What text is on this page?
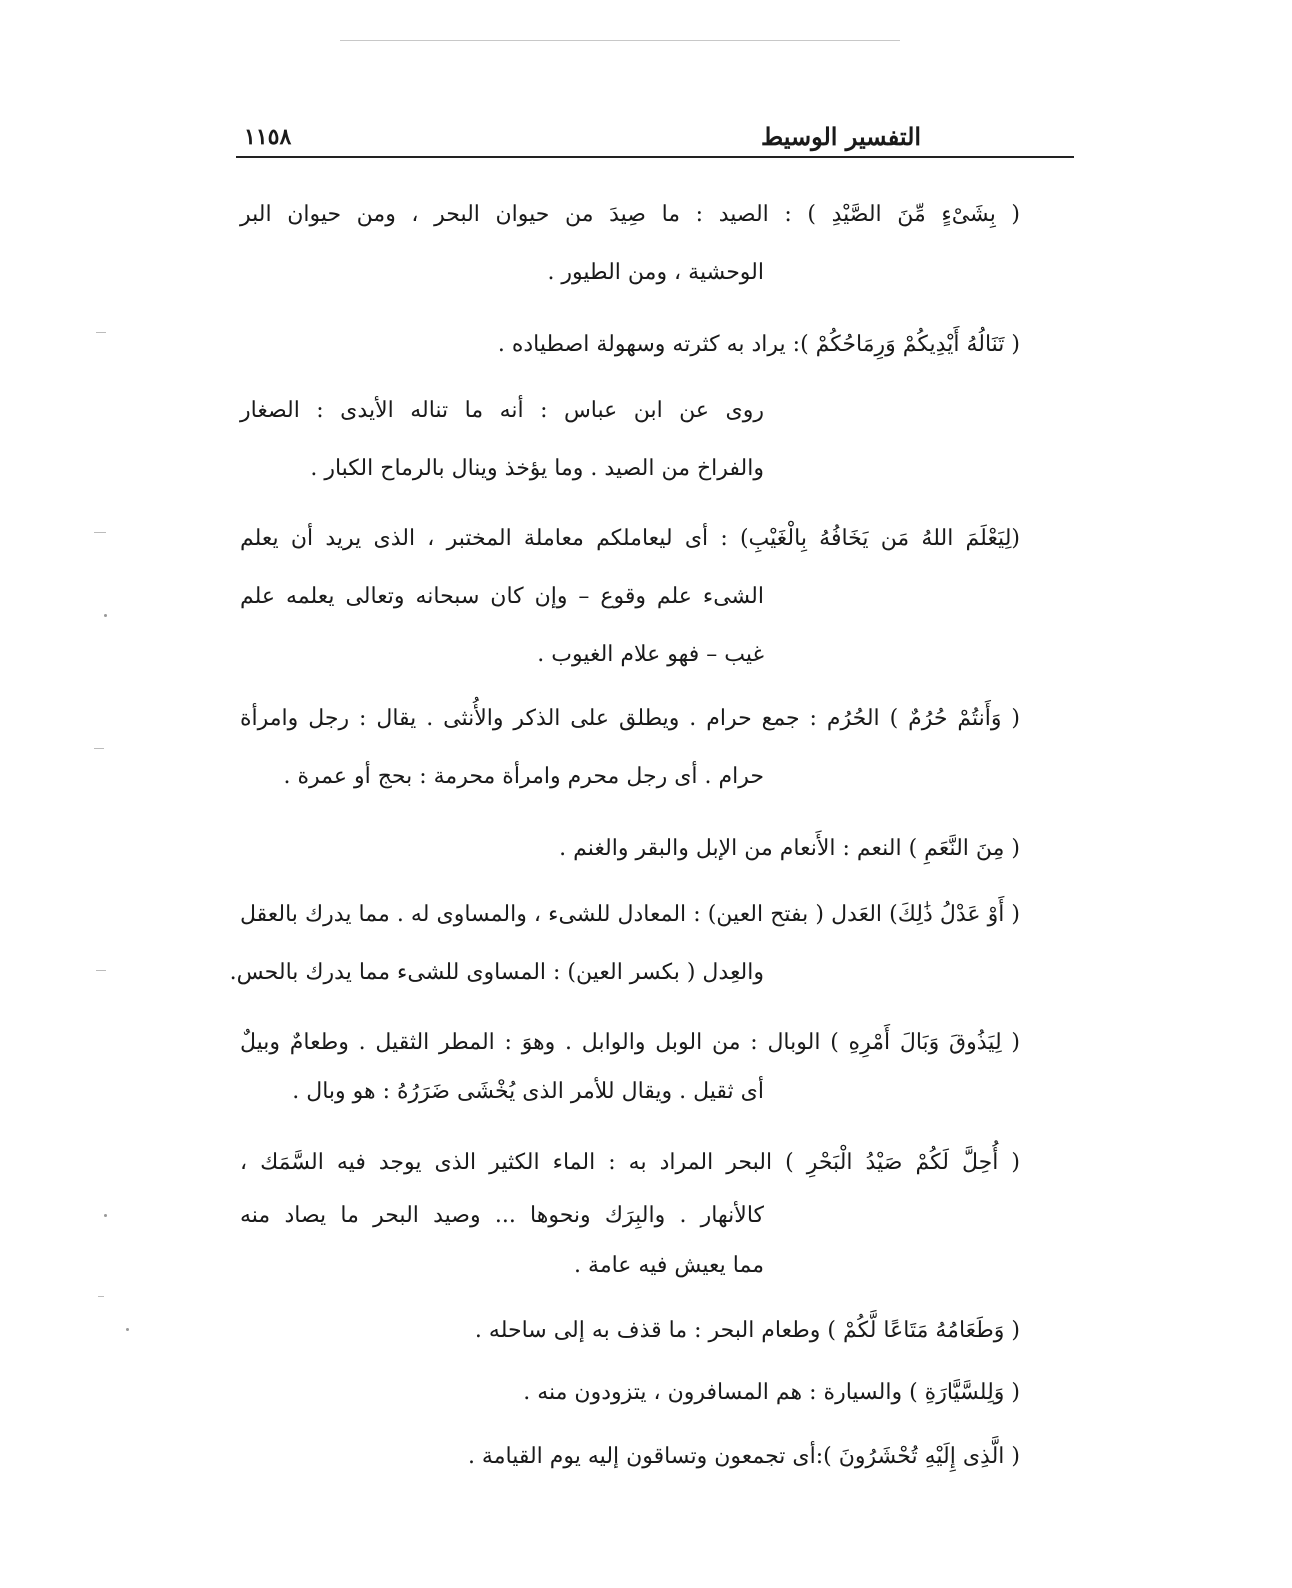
١١٥٨	التفسير الوسيط
( بِشَىْءٍ مِّنَ الصَّيْدِ ) : الصيد : ما صِيدَ من حيوان البحر ، ومن حيوان البر
الوحشية ، ومن الطيور .
( تَنَالُهُ أَيْدِيكُمْ وَرِمَاحُكُمْ ): يراد به كثرته وسهولة اصطياده .
روى عن ابن عباس : أنه ما تناله الأيدى : الصغار
والفراخ من الصيد . وما يؤخذ وينال بالرماح الكبار .
(لِيَعْلَمَ اللهُ مَن يَخَافُهُ بِالْغَيْبِ) : أى ليعاملكم معاملة المختبر ، الذى يريد أن يعلم
الشىء علم وقوع – وإن كان سبحانه وتعالى يعلمه علم
غيب – فهو علام الغيوب .
( وَأَنتُمْ حُرُمٌ ) الحُرُم : جمع حرام . ويطلق على الذكر والأُنثى . يقال : رجل وامرأة
حرام . أى رجل محرم وامرأة محرمة : بحج أو عمرة .
( مِنَ النَّعَمِ ) النعم : الأَنعام من الإبل والبقر والغنم .
( أَوْ عَدْلُ ذَٰلِكَ) العَدل ( بفتح العين) : المعادل للشىء ، والمساوى له . مما يدرك بالعقل
والعِدل ( بكسر العين) : المساوى للشىء مما يدرك بالحس.
( لِيَذُوقَ وَبَالَ أَمْرِهِ ) الوبال : من الوبل والوابل . وهوَ : المطر الثقيل . وطعامٌ وبيلٌ
أى ثقيل . ويقال للأمر الذى يُخْشَى ضَرَرُهُ : هو وبال .
( أُحِلَّ لَكُمْ صَيْدُ الْبَحْرِ ) البحر المراد به : الماء الكثير الذى يوجد فيه السَّمَك ،
كالأنهار . والبِرَك ونحوها ... وصيد البحر ما يصاد منه
مما يعيش فيه عامة .
( وَطَعَامُهُ مَتَاعًا لَّكُمْ ) وطعام البحر : ما قذف به إلى ساحله .
( وَلِلسَّيَّارَةِ ) والسيارة : هم المسافرون ، يتزودون منه .
( الَّذِى إِلَيْهِ تُحْشَرُونَ ):أى تجمعون وتساقون إليه يوم القيامة .
